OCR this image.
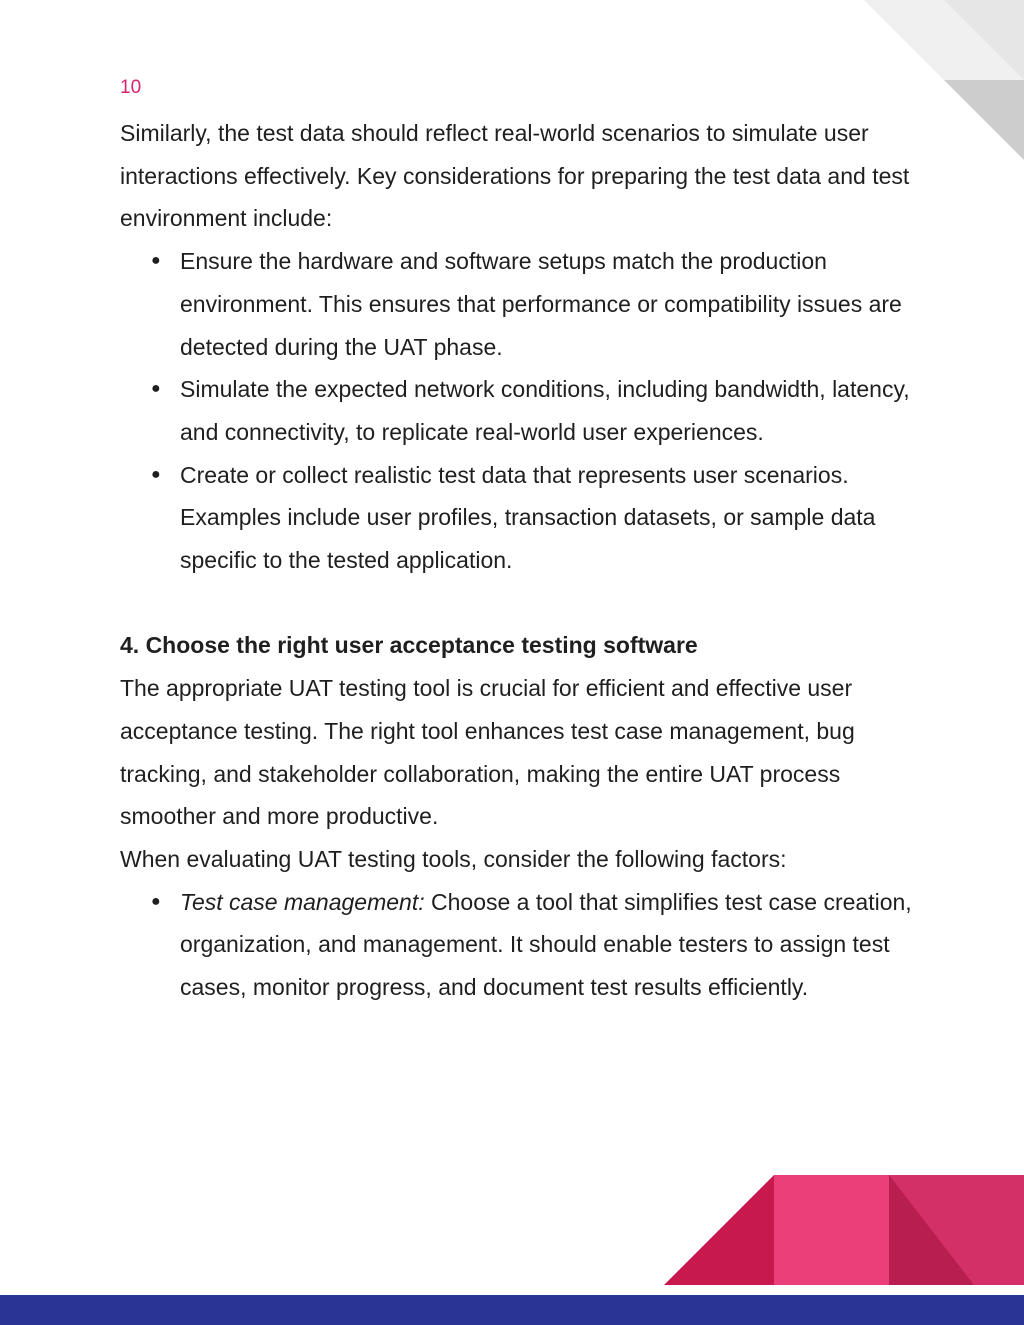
10

Similarly, the test data should reflect real-world scenarios to simulate user interactions effectively. Key considerations for preparing the test data and test environment include:

● Ensure the hardware and software setups match the production environment. This ensures that performance or compatibility issues are detected during the UAT phase.
● Simulate the expected network conditions, including bandwidth, latency, and connectivity, to replicate real-world user experiences.
● Create or collect realistic test data that represents user scenarios. Examples include user profiles, transaction datasets, or sample data specific to the tested application.

4. Choose the right user acceptance testing software

The appropriate UAT testing tool is crucial for efficient and effective user acceptance testing. The right tool enhances test case management, bug tracking, and stakeholder collaboration, making the entire UAT process smoother and more productive.

When evaluating UAT testing tools, consider the following factors:

● Test case management: Choose a tool that simplifies test case creation, organization, and management. It should enable testers to assign test cases, monitor progress, and document test results efficiently.
